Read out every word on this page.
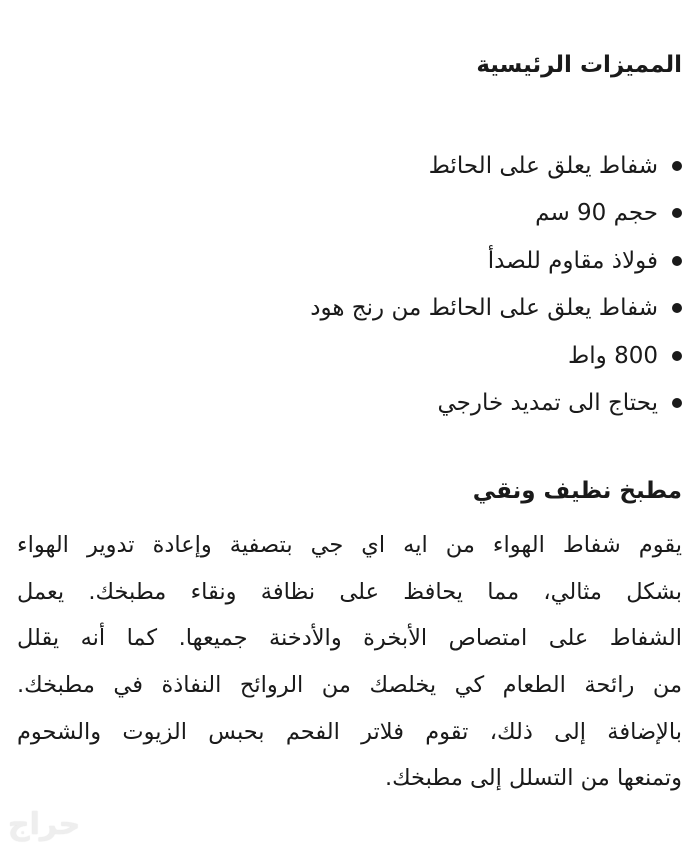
المميزات الرئيسية
شفاط يعلق على الحائط
حجم 90 سم
فولاذ مقاوم للصدأ
شفاط يعلق على الحائط من رنج هود
800 واط
يحتاج الى تمديد خارجي
مطبخ نظيف ونقي
يقوم شفاط الهواء من ايه اي جي بتصفية وإعادة تدوير الهواء
بشكل مثالي، مما يحافظ على نظافة ونقاء مطبخك. يعمل
الشفاط على امتصاص الأبخرة والأدخنة جميعها. كما أنه يقلل
من رائحة الطعام كي يخلصك من الروائح النفاذة في مطبخك.
بالإضافة إلى ذلك، تقوم فلاتر الفحم بحبس الزيوت والشحوم
وتمنعها من التسلل إلى مطبخك.
حراج
